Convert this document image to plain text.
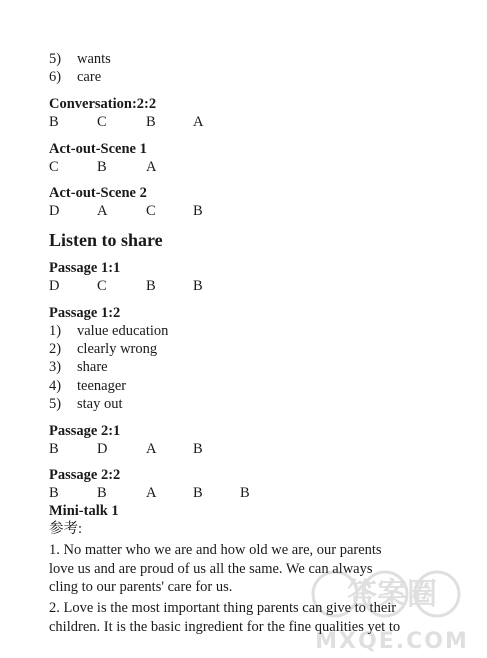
5) wants
6) care
Conversation:2:2
B	C	B	A
Act-out-Scene 1
C	B	A
Act-out-Scene 2
D	A	C	B
Listen to share
Passage 1:1
D	C	B	B
Passage 1:2
1) value education
2) clearly wrong
3) share
4) teenager
5) stay out
Passage 2:1
B	D	A	B
Passage 2:2
B	B	A	B	B
Mini-talk 1
参考:
1. No matter who we are and how old we are, our parents
love us and are proud of us all the same. We can always
cling to our parents' care for us.
2. Love is the most important thing parents can give to their
children. It is the basic ingredient for the fine qualities yet to
答案圈
MXQE.COM
